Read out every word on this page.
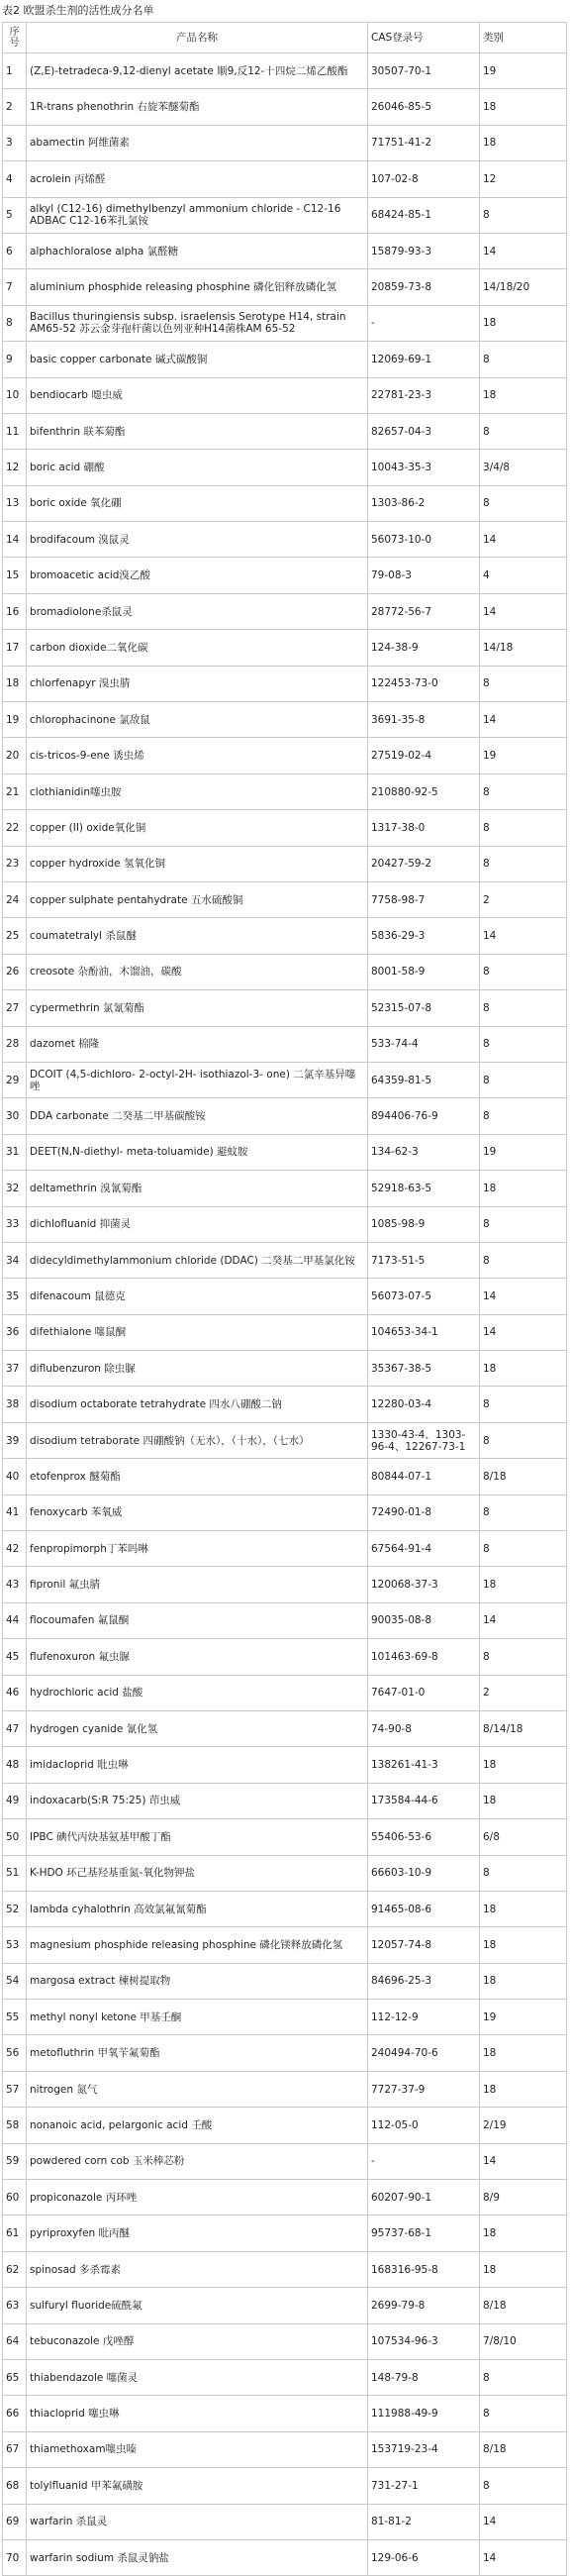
表2 欧盟杀生剂的活性成分名单
序号	产品名称	CAS登录号	类别
1	(Z,E)-tetradeca-9,12-dienyl acetate 顺9,反12-十四烷二烯乙酸酯	30507-70-1	19
2	1R-trans phenothrin 右旋苯醚菊酯	26046-85-5	18
3	abamectin 阿维菌素	71751-41-2	18
4	acrolein 丙烯醛	107-02-8	12
5	alkyl (C12-16) dimethylbenzyl ammonium chloride - C12-16 ADBAC C12-16苯扎氯铵	68424-85-1	8
6	alphachloralose alpha 氯醛糖	15879-93-3	14
7	aluminium phosphide releasing phosphine 磷化铝释放磷化氢	20859-73-8	14/18/20
8	Bacillus thuringiensis subsp. israelensis Serotype H14, strain AM65-52 苏云金芽孢杆菌以色列亚种H14菌株AM 65-52	-	18
9	basic copper carbonate 碱式碳酸铜	12069-69-1	8
10	bendiocarb 噁虫威	22781-23-3	18
11	bifenthrin 联苯菊酯	82657-04-3	8
12	boric acid 硼酸	10043-35-3	3/4/8
13	boric oxide 氧化硼	1303-86-2	8
14	brodifacoum 溴鼠灵	56073-10-0	14
15	bromoacetic acid溴乙酸	79-08-3	4
16	bromadiolone杀鼠灵	28772-56-7	14
17	carbon dioxide二氧化碳	124-38-9	14/18
18	chlorfenapyr 溴虫腈	122453-73-0	8
19	chlorophacinone 氯敌鼠	3691-35-8	14
20	cis-tricos-9-ene 诱虫烯	27519-02-4	19
21	clothianidin噻虫胺	210880-92-5	8
22	copper (II) oxide氧化铜	1317-38-0	8
23	copper hydroxide 氢氧化铜	20427-59-2	8
24	copper sulphate pentahydrate 五水硫酸铜	7758-98-7	2
25	coumatetralyl 杀鼠醚	5836-29-3	14
26	creosote 杂酚油，木馏油，碳酸	8001-58-9	8
27	cypermethrin 氯氰菊酯	52315-07-8	8
28	dazomet 棉隆	533-74-4	8
29	DCOIT (4,5-dichloro- 2-octyl-2H- isothiazol-3- one) 二氯辛基异噻唑	64359-81-5	8
30	DDA carbonate 二癸基二甲基碳酸铵	894406-76-9	8
31	DEET(N,N-diethyl- meta-toluamide) 避蚊胺	134-62-3	19
32	deltamethrin 溴氰菊酯	52918-63-5	18
33	dichlofluanid 抑菌灵	1085-98-9	8
34	didecyldimethylammonium chloride (DDAC) 二癸基二甲基氯化铵	7173-51-5	8
35	difenacoum 鼠德克	56073-07-5	14
36	difethialone 噻鼠酮	104653-34-1	14
37	diflubenzuron 除虫脲	35367-38-5	18
38	disodium octaborate tetrahydrate 四水八硼酸二钠	12280-03-4	8
39	disodium tetraborate 四硼酸钠（无水），（十水），（七水）	1330-43-4、1303-96-4、12267-73-1	8
40	etofenprox 醚菊酯	80844-07-1	8/18
41	fenoxycarb 苯氧威	72490-01-8	8
42	fenpropimorph丁苯吗啉	67564-91-4	8
43	fipronil 氟虫腈	120068-37-3	18
44	flocoumafen 氟鼠酮	90035-08-8	14
45	flufenoxuron 氟虫脲	101463-69-8	8
46	hydrochloric acid 盐酸	7647-01-0	2
47	hydrogen cyanide 氰化氢	74-90-8	8/14/18
48	imidacloprid 吡虫啉	138261-41-3	18
49	indoxacarb(S:R 75:25) 茚虫威	173584-44-6	18
50	IPBC 碘代丙炔基氨基甲酸丁酯	55406-53-6	6/8
51	K-HDO 环己基羟基重氮-氧化物钾盐	66603-10-9	8
52	lambda cyhalothrin 高效氯氟氰菊酯	91465-08-6	18
53	magnesium phosphide releasing phosphine 磷化镁释放磷化氢	12057-74-8	18
54	margosa extract 楝树提取物	84696-25-3	18
55	methyl nonyl ketone 甲基壬酮	112-12-9	19
56	metofluthrin 甲氧苄氟菊酯	240494-70-6	18
57	nitrogen 氮气	7727-37-9	18
58	nonanoic acid, pelargonic acid 壬酸	112-05-0	2/19
59	powdered corn cob 玉米棒芯粉	-	14
60	propiconazole 丙环唑	60207-90-1	8/9
61	pyriproxyfen 吡丙醚	95737-68-1	18
62	spinosad 多杀霉素	168316-95-8	18
63	sulfuryl fluoride硫酰氟	2699-79-8	8/18
64	tebuconazole 戊唑醇	107534-96-3	7/8/10
65	thiabendazole 噻菌灵	148-79-8	8
66	thiacloprid 噻虫啉	111988-49-9	8
67	thiamethoxam噻虫嗪	153719-23-4	8/18
68	tolylfluanid 甲苯氟磺胺	731-27-1	8
69	warfarin 杀鼠灵	81-81-2	14
70	warfarin sodium 杀鼠灵钠盐	129-06-6	14
